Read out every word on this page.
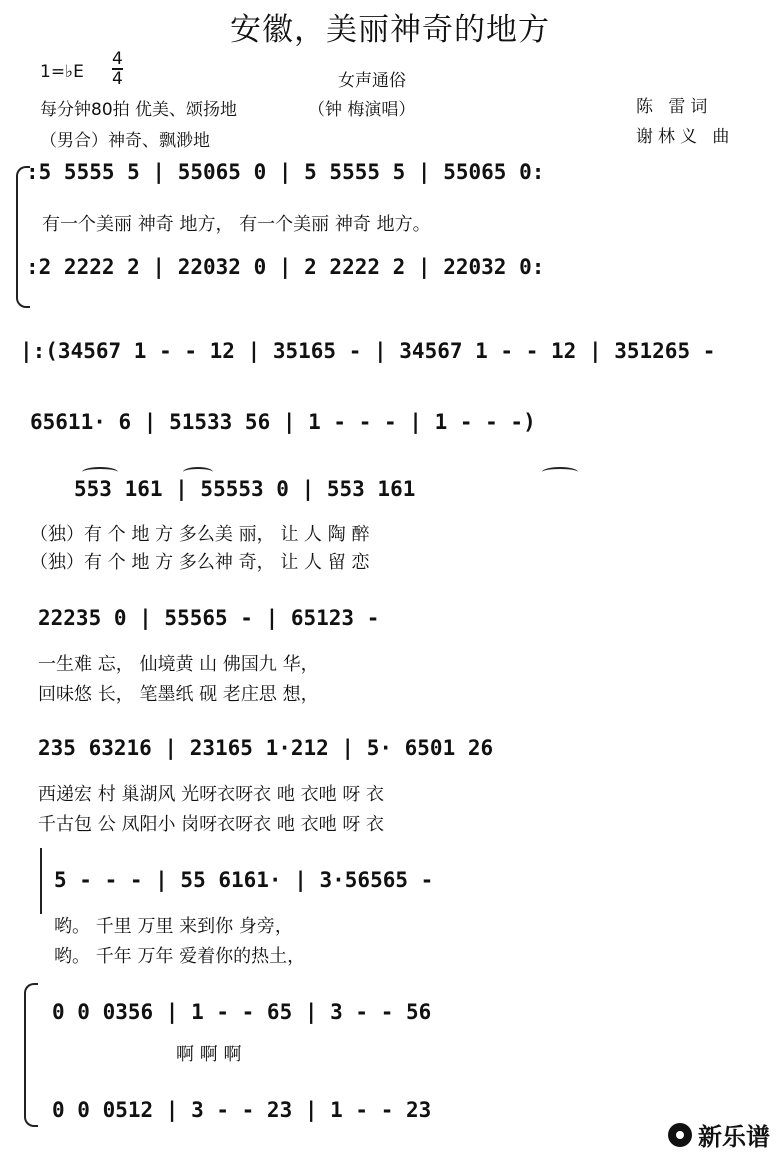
安徽，美丽神奇的地方
1=♭E
4
4	女声通俗
每分钟80拍 优美、颂扬地	（钟 梅演唱）	陈 雷词
（男合）神奇、飘渺地	谢林义 曲
:5 5555 5 | 55065 0 | 5 5555 5 | 55065 0:
有一个美丽 神奇 地方， 有一个美丽 神奇 地方。
:2 2222 2 | 22032 0 | 2 2222 2 | 22032 0:
|:(34567 1 - - 12 | 35165 - | 34567 1 - - 12 | 351265 -
65611· 6 | 51533 56 | 1 - - - | 1 - - -)
553 161 | 55553 0 | 553 161
（独）有 个 地 方 多么美 丽， 让 人 陶 醉
（独）有 个 地 方 多么神 奇， 让 人 留 恋
22235 0 | 55565 - | 65123 -
一生难 忘， 仙境黄 山 佛国九 华，
回味悠 长， 笔墨纸 砚 老庄思 想，
235 63216 | 23165 1·212 | 5· 6501 26
西递宏 村 巢湖风 光呀衣呀衣 吔 衣吔 呀 衣
千古包 公 凤阳小 岗呀衣呀衣 吔 衣吔 呀 衣
5 - - - | 55 6161· | 3·56565 -
哟。 千里 万里 来到你 身旁，
哟。 千年 万年 爱着你的热土，
0 0 0356 | 1 - - 65 | 3 - - 56
啊 啊 啊
0 0 0512 | 3 - - 23 | 1 - - 23
新乐谱
